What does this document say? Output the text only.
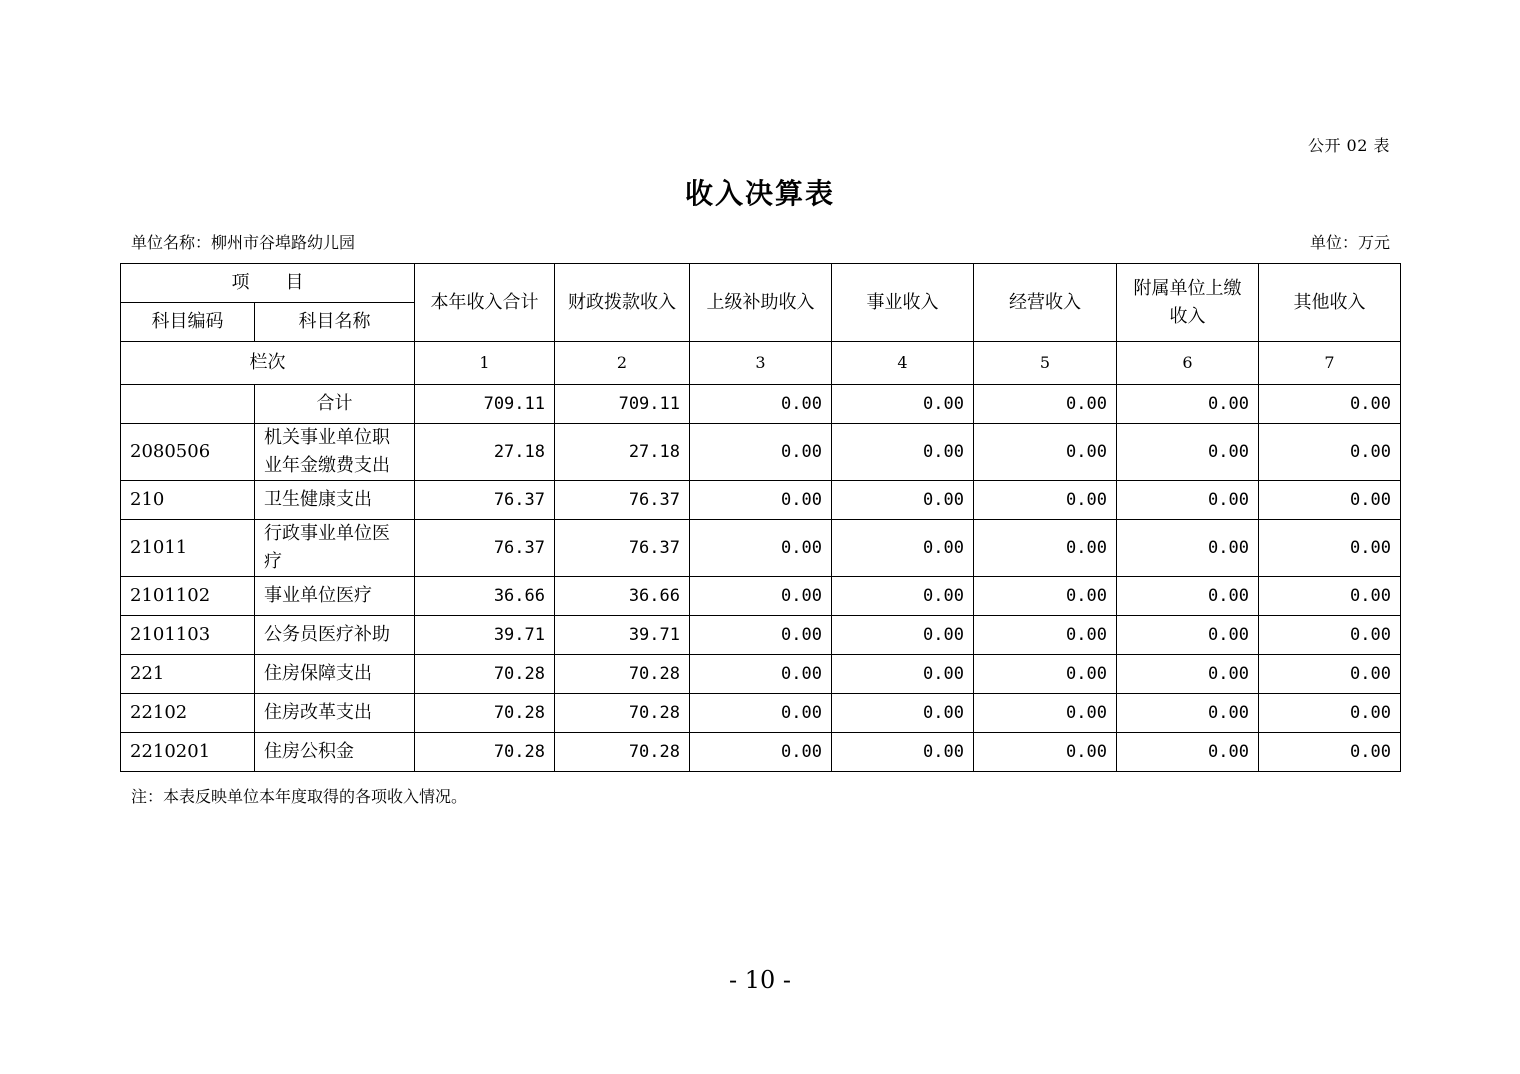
公开 02 表
收入决算表
单位名称：柳州市谷埠路幼儿园	单位：万元
项　　目		本年收入合计	财政拨款收入	上级补助收入	事业收入	经营收入	附属单位上缴收入	其他收入
科目编码	科目名称							
栏次		1	2	3	4	5	6	7
	合计	709.11	709.11	0.00	0.00	0.00	0.00	0.00
2080506	机关事业单位职业年金缴费支出	27.18	27.18	0.00	0.00	0.00	0.00	0.00
210	卫生健康支出	76.37	76.37	0.00	0.00	0.00	0.00	0.00
21011	行政事业单位医疗	76.37	76.37	0.00	0.00	0.00	0.00	0.00
2101102	事业单位医疗	36.66	36.66	0.00	0.00	0.00	0.00	0.00
2101103	公务员医疗补助	39.71	39.71	0.00	0.00	0.00	0.00	0.00
221	住房保障支出	70.28	70.28	0.00	0.00	0.00	0.00	0.00
22102	住房改革支出	70.28	70.28	0.00	0.00	0.00	0.00	0.00
2210201	住房公积金	70.28	70.28	0.00	0.00	0.00	0.00	0.00
注：本表反映单位本年度取得的各项收入情况。
- 10 -
